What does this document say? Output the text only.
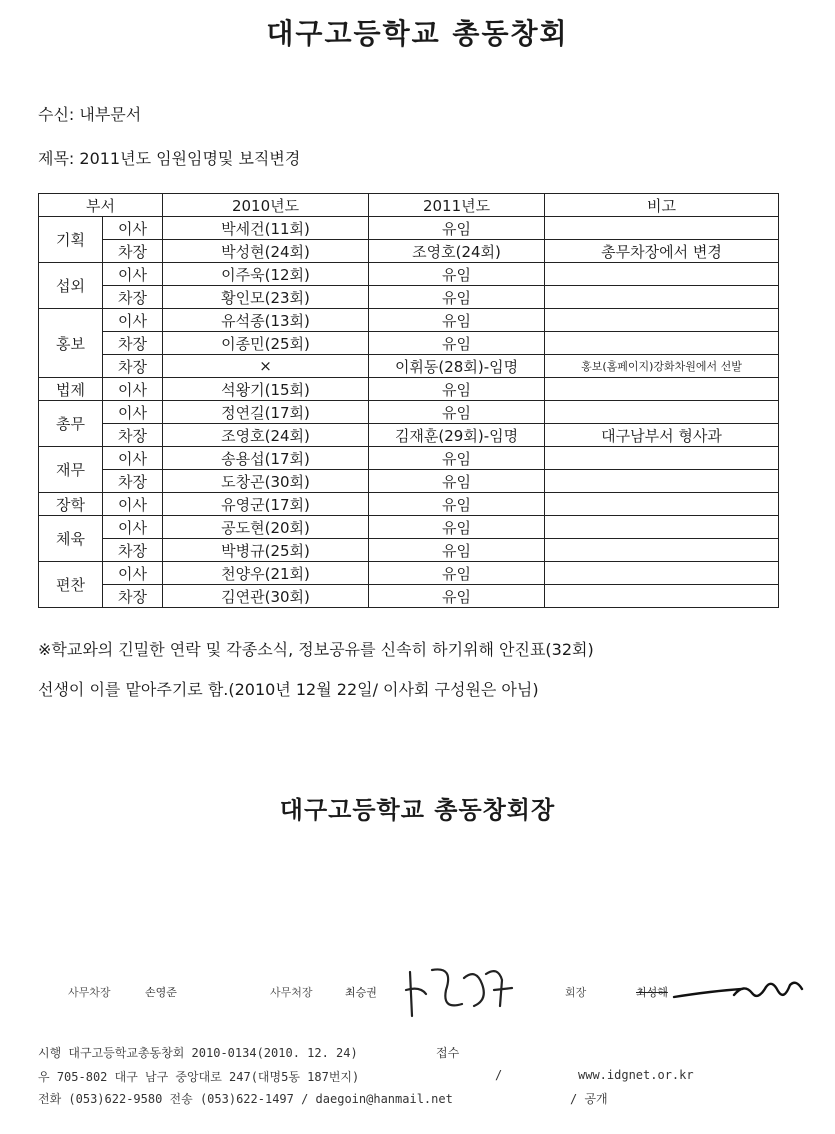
대구고등학교 총동창회
수신: 내부문서
제목: 2011년도 임원임명및 보직변경
부서		2010년도	2011년도	비고
기획	이사	박세건(11회)	유임	
	차장	박성현(24회)	조영호(24회)	총무차장에서 변경
섭외	이사	이주욱(12회)	유임	
	차장	황인모(23회)	유임	
홍보	이사	유석종(13회)	유임	
	차장	이종민(25회)	유임	
	차장	×	이휘동(28회)-임명	홍보(홈페이지)강화차원에서 선발
법제	이사	석왕기(15회)	유임	
총무	이사	정연길(17회)	유임	
	차장	조영호(24회)	김재훈(29회)-임명	대구남부서 형사과
재무	이사	송용섭(17회)	유임	
	차장	도창곤(30회)	유임	
장학	이사	유영군(17회)	유임	
체육	이사	공도현(20회)	유임	
	차장	박병규(25회)	유임	
편찬	이사	천양우(21회)	유임	
	차장	김연관(30회)	유임	
※학교와의 긴밀한 연락 및 각종소식, 정보공유를 신속히 하기위해 안진표(32회)
선생이 이를 맡아주기로 함.(2010년 12월 22일/ 이사회 구성원은 아님)
대구고등학교 총동창회장
사무차장	손영준	사무처장	최승권	회장	최성해
시행 대구고등학교총동창회 2010-0134(2010. 12. 24)	접수
우 705-802 대구 남구 중앙대로 247(대명5동 187번지)	/	www.idgnet.or.kr
전화 (053)622-9580 전송 (053)622-1497 / daegoin@hanmail.net	/ 공개
